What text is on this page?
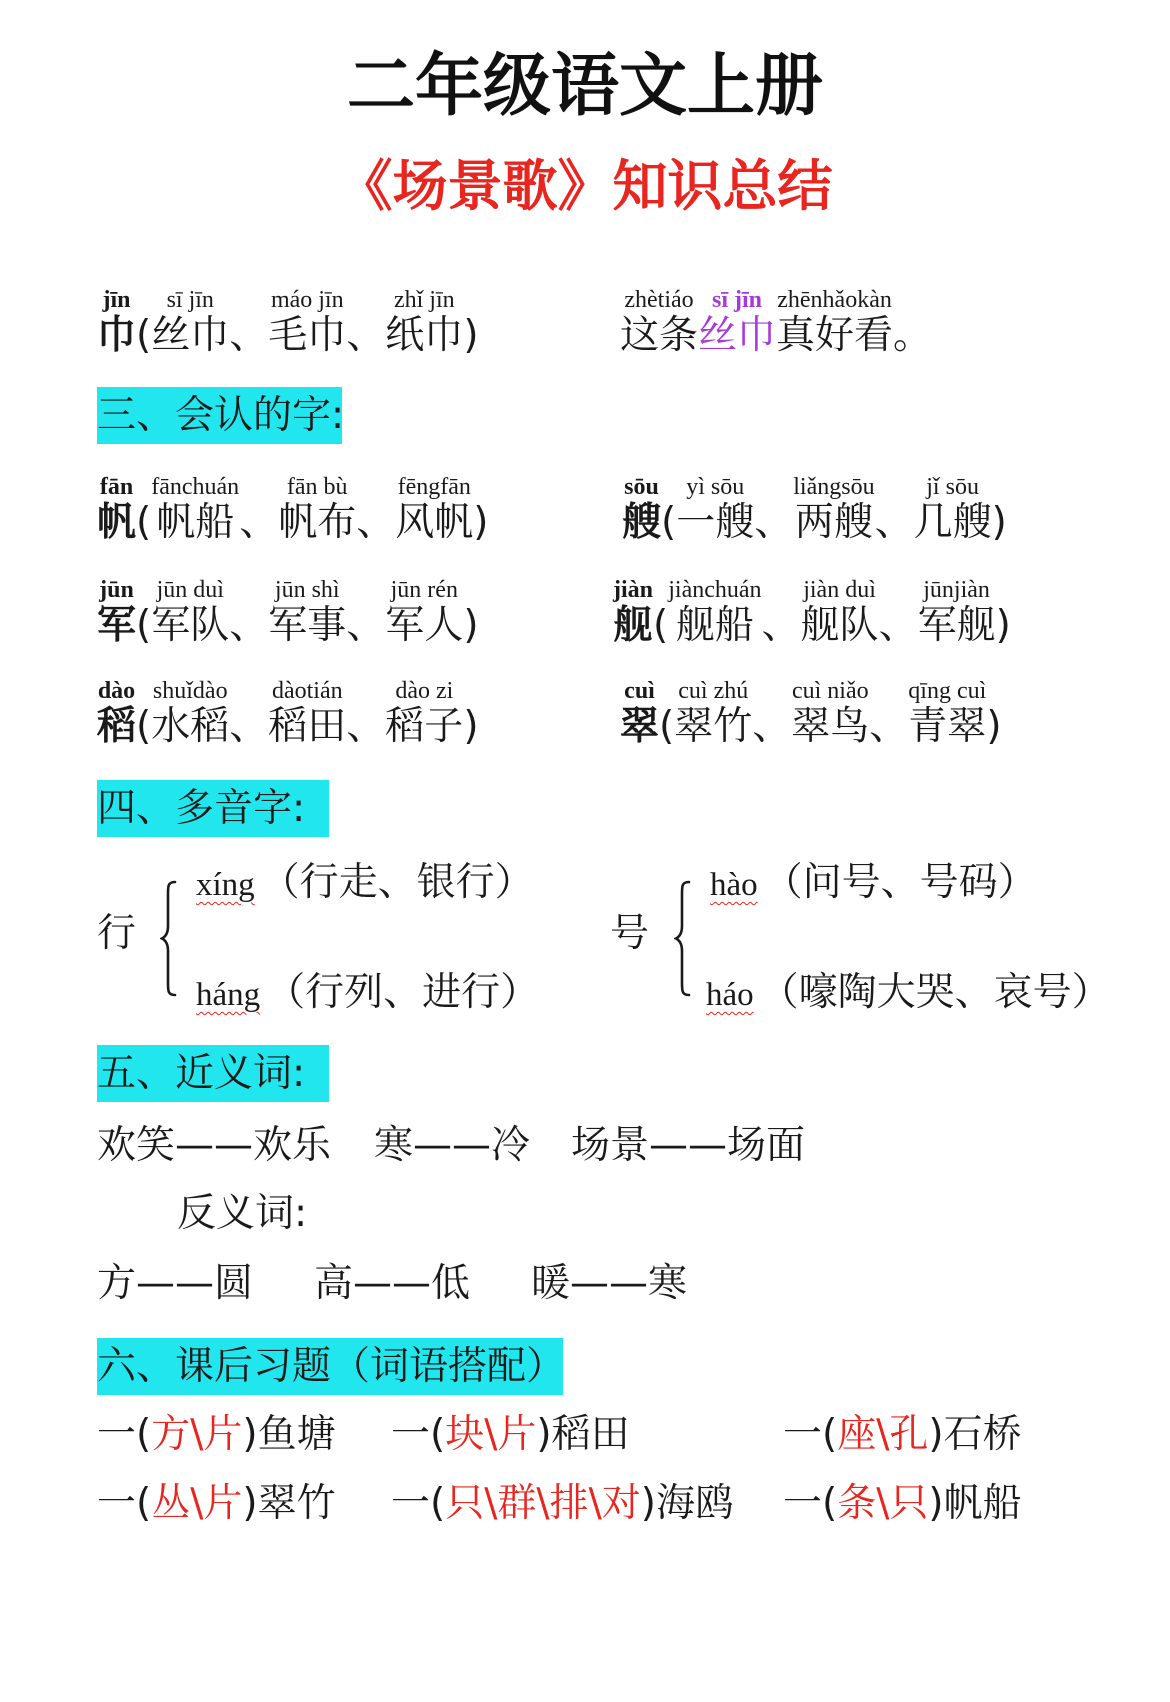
二年级语文上册
《场景歌》知识总结
jīn
巾 (
sī jīn
丝巾 、
máo jīn
毛巾 、
zhǐ jīn
纸巾 )
zhètiáo
这条
sī jīn
丝巾
zhēnhǎokàn
真好看 。
三、会认的字:
fān
帆 (
fānchuán
帆船 、
fān bù
帆布 、
fēngfān
风帆 )
sōu
艘 (
yì sōu
一艘 、
liǎngsōu
两艘 、
jǐ sōu
几艘 )
jūn
军 (
jūn duì
军队 、
jūn shì
军事 、
jūn rén
军人 )
jiàn
舰 (
jiànchuán
舰船 、
jiàn duì
舰队 、
jūnjiàn
军舰 )
dào
稻 (
shuǐdào
水稻 、
dàotián
稻田 、
dào zi
稻子 )
cuì
翠 (
cuì zhú
翠竹 、
cuì niǎo
翠鸟 、
qīng cuì
青翠 )
四、多音字:
行
xíng （行走、银行）
háng （行列、进行）
号
hào （问号、号码）
háo （嚎陶大哭、哀号）
五、近义词:
欢笑 —— 欢乐 寒 —— 冷 场景 —— 场面
反义词:
方 —— 圆 高 —— 低 暖 —— 寒
六、课后习题（词语搭配）
一 ( 方 \ 片 ) 鱼塘 一 ( 块 \ 片 ) 稻田	一 ( 座 \ 孔 ) 石桥
一 ( 丛 \ 片 ) 翠竹 一 ( 只 \ 群 \ 排 \ 对 ) 海鸥 一 ( 条 \ 只 ) 帆船
